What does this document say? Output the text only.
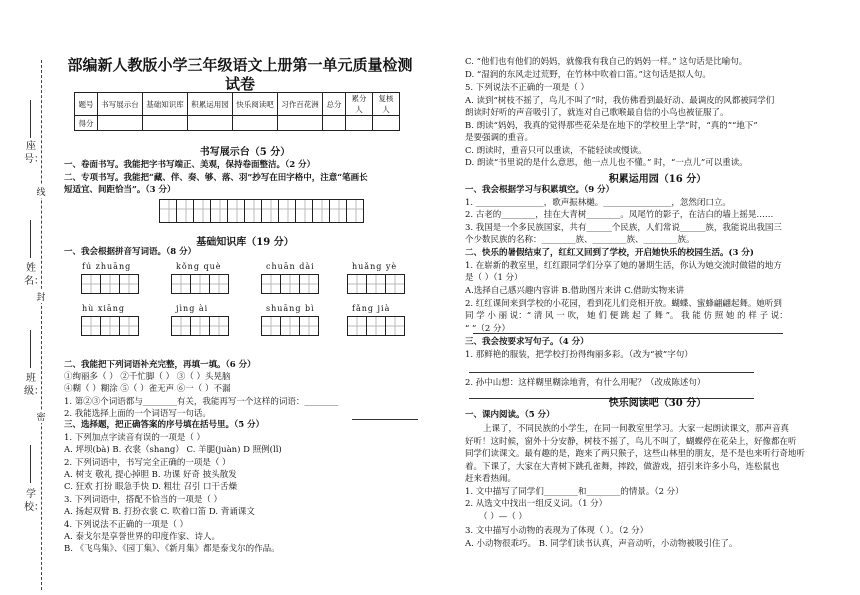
座号：
线
姓名：
封
班级：
密
学校：
部编新人教版小学三年级语文上册第一单元质量检测
试卷
题号	书写展示台	基础知识库	积累运用园	快乐阅读吧	习作百花洲	总分	累分人	复核人
得分								
书写展示台（5 分）
一、卷面书写。我能把字书写端正、美观，保持卷面整洁。（2 分）
二、专项书写。我能把“藏、伴、奏、够、落、羽”抄写在田字格中，注意“笔画长
短适宜、间距恰当”。（3 分）
基础知识库（19 分）
一、我会根据拼音写词语。（8 分）
fú zhuāng	kǒng què	chuān dài	huǎng yè
hù xiāng	jìng ài	shuāng bì	fǎng jià
二、我能把下列词语补充完整，再填一填。（6 分）
①绚丽多（ ） ②千忙脚（ ） ③（ ）头晃脑
④糊（ ）糊涂 ⑤（ ）雀无声 ⑥一（ ）不漏
1. 第②③个词语都与________有关，我能再写一个这样的词语：________
2. 我能选择上面的一个词语写一句话。
三、选择题，把正确答案的序号填在括号里。（5 分）
1. 下列加点字读音有误的一项是（ ）
A. 坪坝(bà) B. 衣裳（shang） C. 羊腿(juàn) D 照例(lǐ)
2. 下列词语中，书写完全正确的一项是（ ）
A. 树支 敬礼 提心掉胆 B. 功课 好奇 披头散发
C. 狂欢 打扮 眼急手快 D. 粗壮 召引 口干舌燥
3. 下列词语中，搭配不恰当的一项是（ ）
A. 扬起双臂 B. 打扮衣裳 C. 吹着口笛 D. 背诵课文
4. 下列说法不正确的一项是（ ）
A. 泰戈尔是享誉世界的印度作家、诗人。
B. 《飞鸟集》、《园丁集》、《新月集》都是泰戈尔的作品。
C. “他们也有他们的妈妈，就像我有我自己的妈妈一样。” 这句话是比喻句。
D. “湿润的东风走过荒野，在竹林中吹着口笛。”这句话是拟人句。
5. 下列说法不正确的一项是（ ）
A. 读到“树枝不摇了，鸟儿不叫了”时，我仿佛看到最好动、最调皮的风都被同学们
朗读时好听的声音吸引了，就连对自己歌喉最自信的小鸟也被征服了。
B. 朗读“妈妈，我真的觉得那些花朵是在地下的学校里上学”时，“真的”“地下”
是要强调的重音。
C. 朗读时，重音只可以重读，不能轻读或慢读。
D. 朗读“书里说的是什么意思，他一点儿也不懂。” 时，“一点儿”可以重读。
积累运用园（16 分）
一、我会根据学习与积累填空。（9 分）
1. ________________，歌声振林樾。________________，忽然闭口立。
2. 古老的________，挂在大青树________。凤尾竹的影子，在洁白的墙上摇晃……
3. 我国是一个多民族国家，共有______个民族，人们常说______族，我能说出我国三
个少数民族的名称：________族、________族、________族。
二、快乐的暑假结束了，红红又回到了学校，开启她快乐的校园生活。(3 分)
1. 在崭新的教室里，红红跟同学们分享了她的暑期生活，你认为她交流时做错的地方
是（ ）（1 分）
A.选择自己感兴趣内容讲 B.借助图片来讲 C.借助实物来讲
2. 红红课间来到学校的小花园，看到花儿们竞相开放。蝴蝶、蜜蜂翩翩起舞。她听到
同 学 小 丽 说：“ 清 风 一 吹， 她 们 便 跳 起 了 舞 ”。 我 能 仿 照 她 的 样 子 说：
“ ”（2 分）
三、我会按要求写句子。（4 分）
1. 那鲜艳的服装，把学校打扮得绚丽多彩。（改为“被”字句）
2. 孙中山想：这样糊里糊涂地背，有什么用呢？（改成陈述句）
快乐阅读吧（30 分）
一、课内阅读。（5 分）
上课了，不同民族的小学生，在同一间教室里学习。大家一起朗读课文，那声音真
好听！这时候，窗外十分安静，树枝不摇了，鸟儿不叫了，蝴蝶停在花朵上，好像都在听
同学们读课文。最有趣的是，跑来了两只猴子，这些山林里的朋友，是不是也来听行奇地听
着。下课了，大家在大青树下跳孔雀舞，摔跤，做游戏，招引来许多小鸟，连松鼠也
赶来看热闹。
1. 文中描写了同学们________和________的情景。（2 分）
2. 从选文中找出一组反义词。（1 分）
（ ）—（ ）
3. 文中描写小动物的表现为了体现（ ）。（2 分）
A. 小动物很乖巧。 B. 同学们读书认真，声音动听，小动物被吸引住了。
